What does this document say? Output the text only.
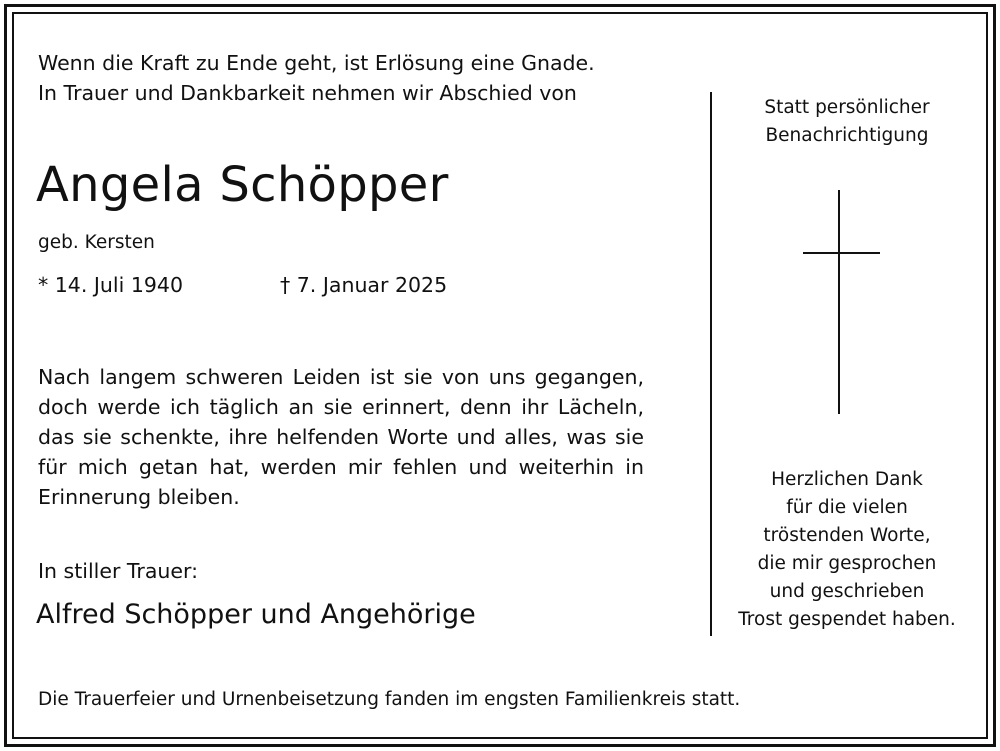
Wenn die Kraft zu Ende geht, ist Erlösung eine Gnade.

In Trauer und Dankbarkeit nehmen wir Abschied von

Angela Schöpper

geb. Kersten

* 14. Juli 1940	† 7. Januar 2025

Nach langem schweren Leiden ist sie von uns gegangen,
doch werde ich täglich an sie erinnert, denn ihr Lächeln,
das sie schenkte, ihre helfenden Worte und alles, was sie
für mich getan hat, werden mir fehlen und weiterhin in
Erinnerung bleiben.

In stiller Trauer:

Alfred Schöpper und Angehörige

Die Trauerfeier und Urnenbeisetzung fanden im engsten Familienkreis statt.

Statt persönlicher
Benachrichtigung

Herzlichen Dank
für die vielen
tröstenden Worte,
die mir gesprochen
und geschrieben
Trost gespendet haben.
